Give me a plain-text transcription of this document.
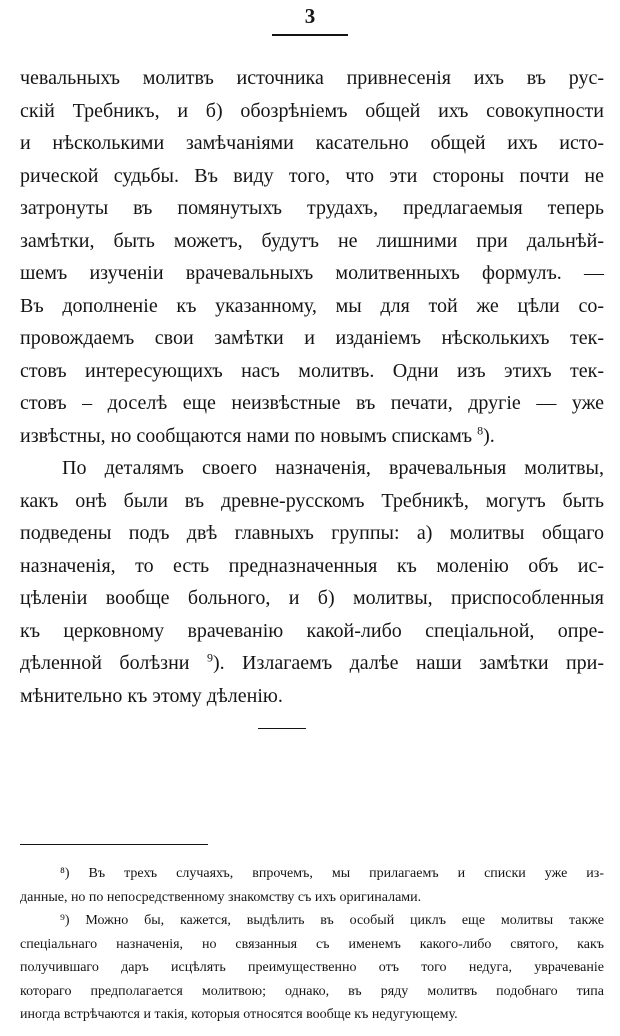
3
чевальныхъ молитвъ источника привнесенія ихъ въ рус-
скій Требникъ, и б) обозрѣніемъ общей ихъ совокупности
и нѣсколькими замѣчаніями касательно общей ихъ исто-
рической судьбы. Въ виду того, что эти стороны почти не
затронуты въ помянутыхъ трудахъ, предлагаемыя теперь
замѣтки, быть можетъ, будутъ не лишними при дальнѣй-
шемъ изученіи врачевальныхъ молитвенныхъ формулъ. —
Въ дополненіе къ указанному, мы для той же цѣли со-
провождаемъ свои замѣтки и изданіемъ нѣсколькихъ тек-
стовъ интересующихъ насъ молитвъ. Одни изъ этихъ тек-
стовъ – доселѣ еще неизвѣстные въ печати, другіе — уже
извѣстны, но сообщаются нами по новымъ спискамъ $^8$).
По деталямъ своего назначенія, врачевальныя молитвы,
какъ онѣ были въ древне-русскомъ Требникѣ, могутъ быть
подведены подъ двѣ главныхъ группы: а) молитвы общаго
назначенія, то есть предназначенныя къ моленію объ ис-
цѣленіи вообще больного, и б) молитвы, приспособленныя
къ церковному врачеванію какой-либо спеціальной, опре-
дѣленной болѣзни $^9$). Излагаемъ далѣе наши замѣтки при-
мѣнительно къ этому дѣленію.
⁸) Въ трехъ случаяхъ, впрочемъ, мы прилагаемъ и списки уже из-
данные, но по непосредственному знакомству съ ихъ оригиналами.
⁹) Можно бы, кажется, выдѣлить въ особый циклъ еще молитвы также
спеціальнаго назначенія, но связанныя съ именемъ какого-либо святого, какъ
получившаго даръ исцѣлять преимущественно отъ того недуга, уврачеваніе
котораго предполагается молитвою; однако, въ ряду молитвъ подобнаго типа
иногда встрѣчаются и такія, которыя относятся вообще къ недугующему.
